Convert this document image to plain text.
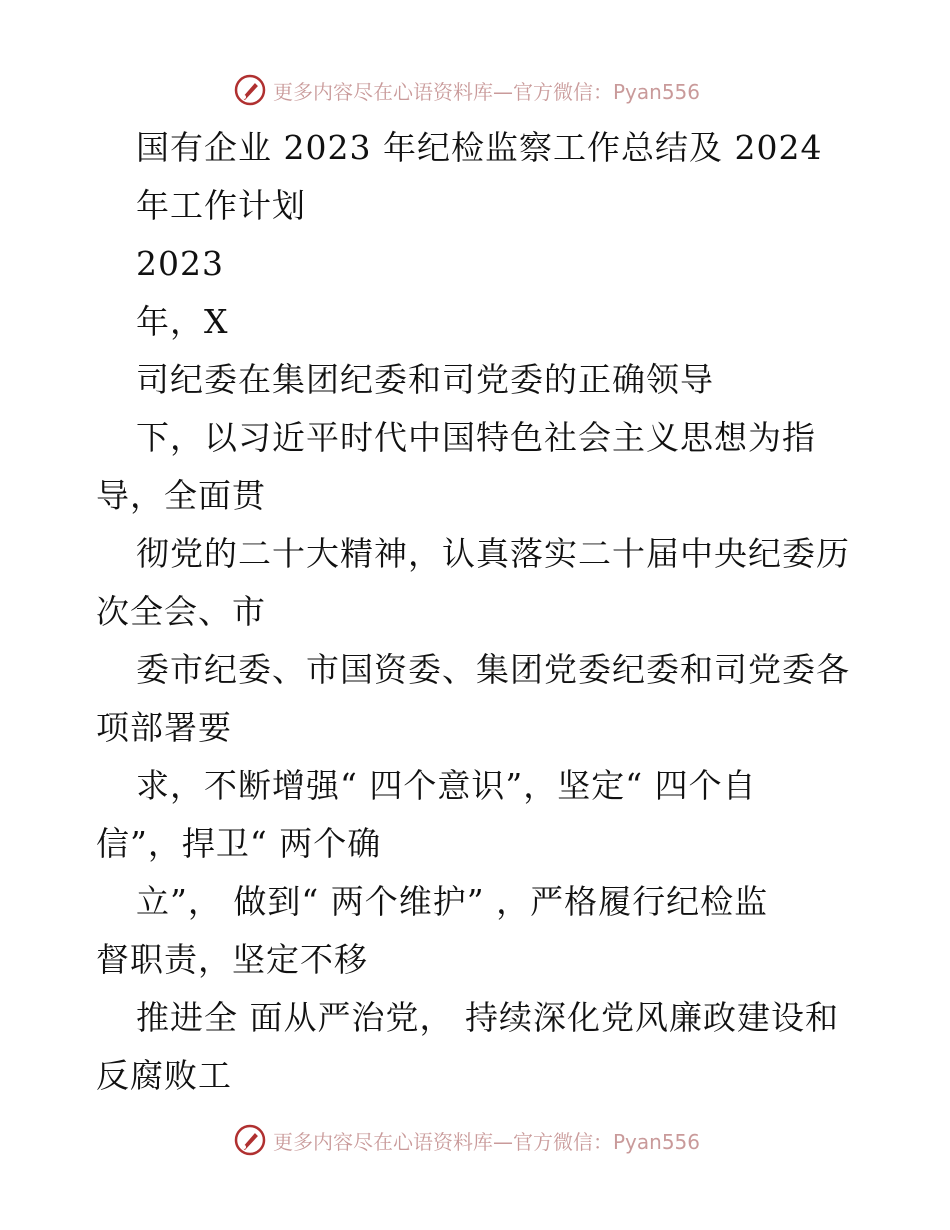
更多内容尽在心语资料库—官方微信：Pyan556
国有企业 2023 年纪检监察工作总结及 2024
年工作计划
2023
年，X
司纪委在集团纪委和司党委的正确领导
下，以习近平时代中国特色社会主义思想为指
导，全面贯
彻党的二十大精神，认真落实二十届中央纪委历
次全会、市
委市纪委、市国资委、集团党委纪委和司党委各
项部署要
求，不断增强“ 四个意识”，坚定“ 四个自
信”，捍卫“ 两个确
立”， 做到“ 两个维护” ，严格履行纪检监
督职责，坚定不移
推进全 面从严治党， 持续深化党风廉政建设和
反腐败工
更多内容尽在心语资料库—官方微信：Pyan556
